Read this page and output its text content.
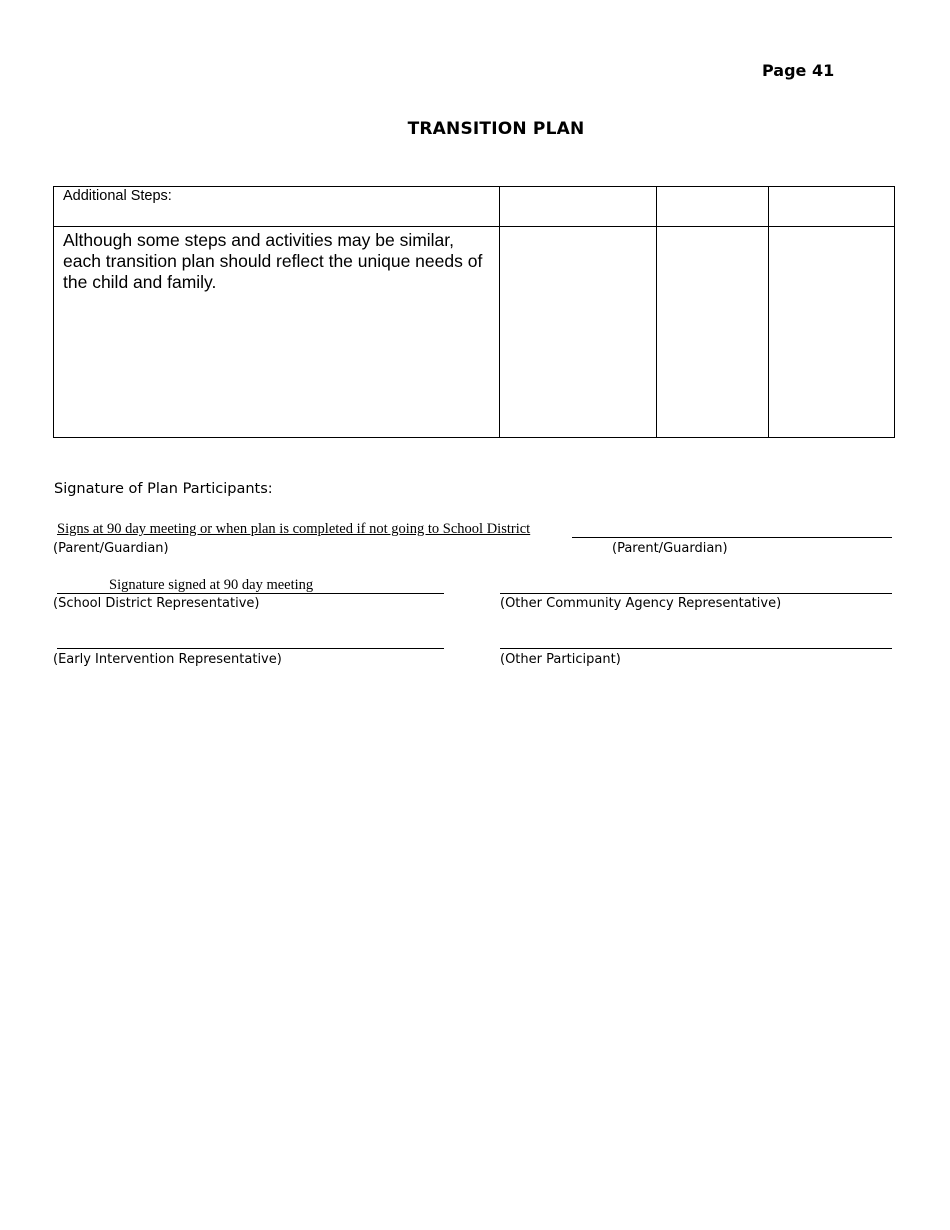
Page 41
TRANSITION PLAN
Additional Steps:			

Although some steps and activities may be similar, each transition plan should reflect the unique needs of the child and family.			

Signature of Plan Participants:
Signs at 90 day meeting or when plan is completed if not going to School District
(Parent/Guardian)	(Parent/Guardian)
Signature signed at 90 day meeting
(School District Representative)	(Other Community Agency Representative)
(Early Intervention Representative)	(Other Participant)
